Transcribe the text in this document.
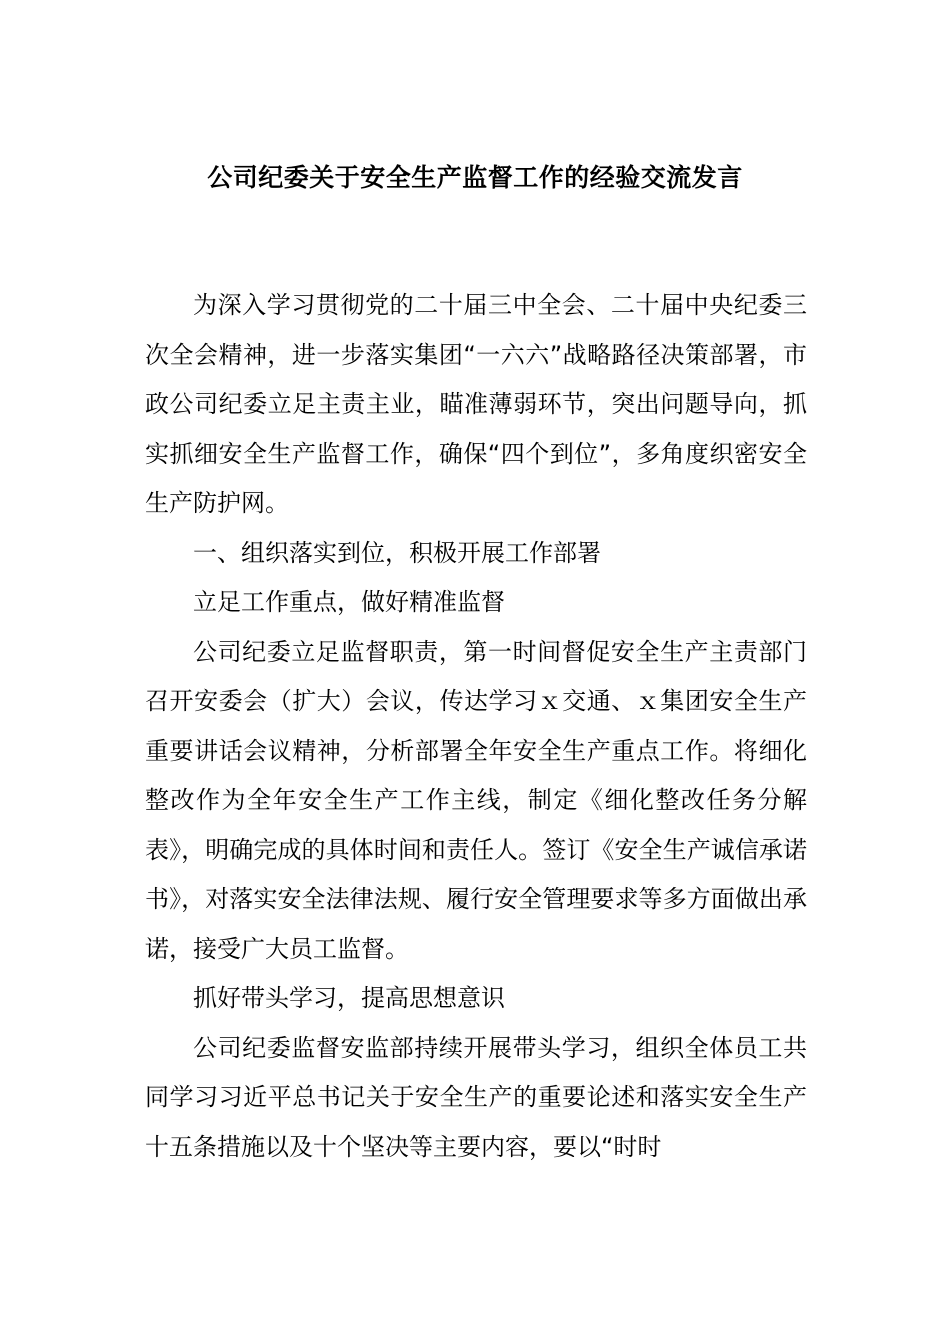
公司纪委关于安全生产监督工作的经验交流发言

为深入学习贯彻党的二十届三中全会、二十届中央纪委三次全会精神，进一步落实集团“一六六”战略路径决策部署，市政公司纪委立足主责主业，瞄准薄弱环节，突出问题导向，抓实抓细安全生产监督工作，确保“四个到位”，多角度织密安全生产防护网。

一、组织落实到位，积极开展工作部署

立足工作重点，做好精准监督

公司纪委立足监督职责，第一时间督促安全生产主责部门召开安委会（扩大）会议，传达学习ｘ交通、ｘ集团安全生产重要讲话会议精神，分析部署全年安全生产重点工作。将细化整改作为全年安全生产工作主线，制定《细化整改任务分解表》，明确完成的具体时间和责任人。签订《安全生产诚信承诺书》，对落实安全法律法规、履行安全管理要求等多方面做出承诺，接受广大员工监督。

抓好带头学习，提高思想意识

公司纪委监督安监部持续开展带头学习，组织全体员工共同学习习近平总书记关于安全生产的重要论述和落实安全生产十五条措施以及十个坚决等主要内容，要以“时时
